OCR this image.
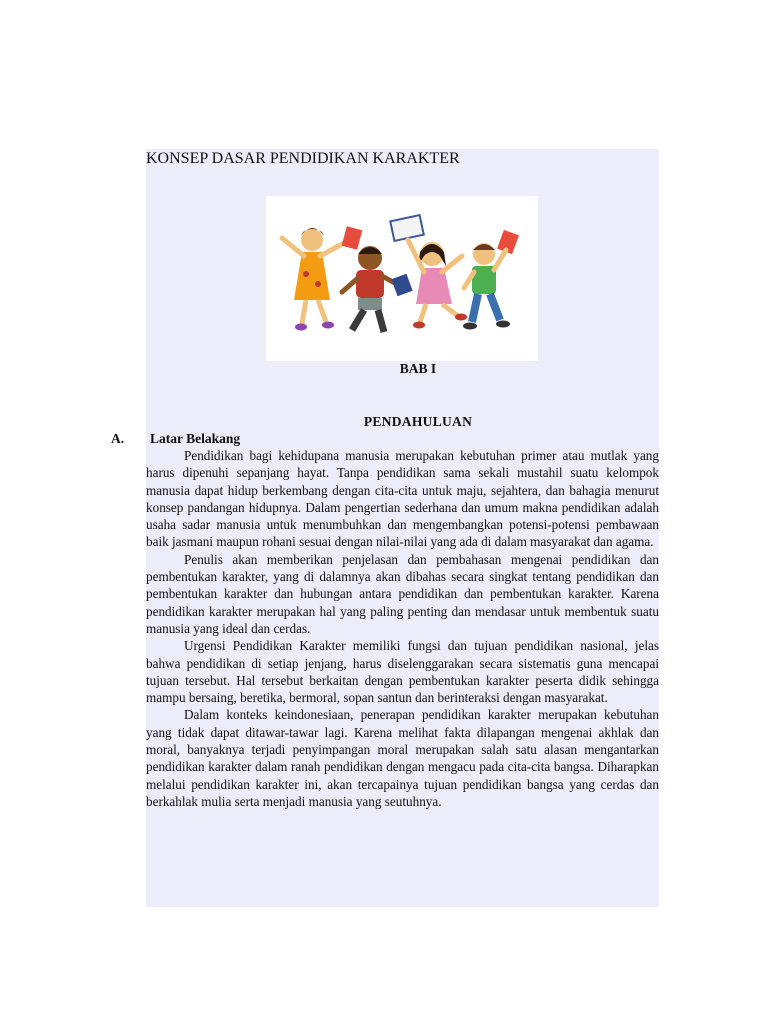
KONSEP DASAR PENDIDIKAN KARAKTER
BAB I
PENDAHULUAN
A. Latar Belakang

Pendidikan bagi kehidupana manusia merupakan kebutuhan primer atau mutlak yang harus dipenuhi sepanjang hayat. Tanpa pendidikan sama sekali mustahil suatu kelompok manusia dapat hidup berkembang dengan cita-cita untuk maju, sejahtera, dan bahagia menurut konsep pandangan hidupnya. Dalam pengertian sederhana dan umum makna pendidikan adalah usaha sadar manusia untuk menumbuhkan dan mengembangkan potensi-potensi pembawaan baik jasmani maupun rohani sesuai dengan nilai-nilai yang ada di dalam masyarakat dan agama.

Penulis akan memberikan penjelasan dan pembahasan mengenai pendidikan dan pembentukan karakter, yang di dalamnya akan dibahas secara singkat tentang pendidikan dan pembentukan karakter dan hubungan antara pendidikan dan pembentukan karakter. Karena pendidikan karakter merupakan hal yang paling penting dan mendasar untuk membentuk suatu manusia yang ideal dan cerdas.

Urgensi Pendidikan Karakter memiliki fungsi dan tujuan pendidikan nasional, jelas bahwa pendidikan di setiap jenjang, harus diselenggarakan secara sistematis guna mencapai tujuan tersebut. Hal tersebut berkaitan dengan pembentukan karakter peserta didik sehingga mampu bersaing, beretika, bermoral, sopan santun dan berinteraksi dengan masyarakat.

Dalam konteks keindonesiaan, penerapan pendidikan karakter merupakan kebutuhan yang tidak dapat ditawar-tawar lagi. Karena melihat fakta dilapangan mengenai akhlak dan moral, banyaknya terjadi penyimpangan moral merupakan salah satu alasan mengantarkan pendidikan karakter dalam ranah pendidikan dengan mengacu pada cita-cita bangsa. Diharapkan melalui pendidikan karakter ini, akan tercapainya tujuan pendidikan bangsa yang cerdas dan berkahlak mulia serta menjadi manusia yang seutuhnya.
